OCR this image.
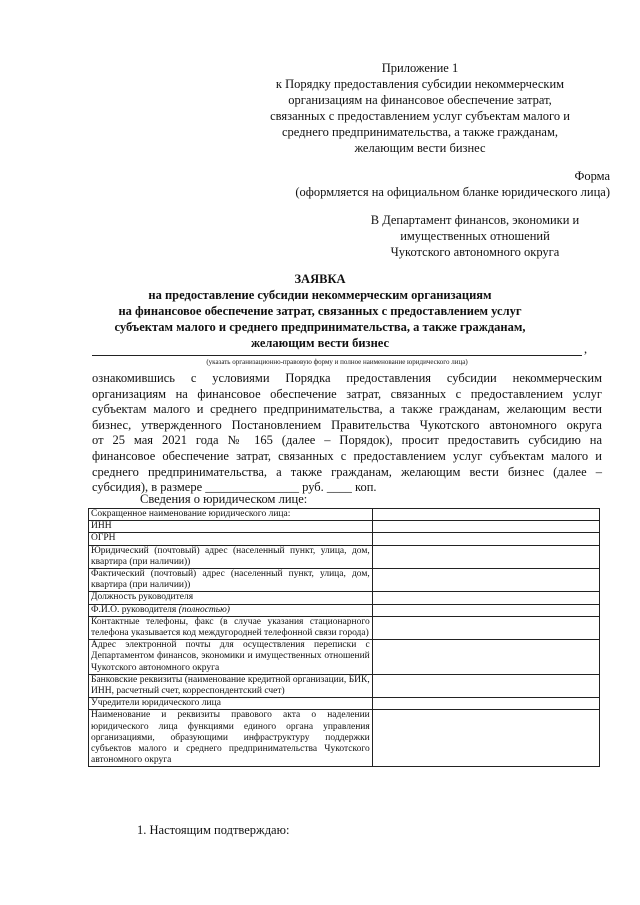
Приложение 1
к Порядку предоставления субсидии некоммерческим
организациям на финансовое обеспечение затрат,
связанных с предоставлением услуг субъектам малого и
среднего предпринимательства, а также гражданам,
желающим вести бизнес
Форма
(оформляется на официальном бланке юридического лица)
В Департамент финансов, экономики и
имущественных отношений
Чукотского автономного округа
ЗАЯВКА
на предоставление субсидии некоммерческим организациям
на финансовое обеспечение затрат, связанных с предоставлением услуг
субъектам малого и среднего предпринимательства, а также гражданам,
желающим вести бизнес	,
(указать организационно-правовую форму и полное наименование юридического лица)
ознакомившись с условиями Порядка предоставления субсидии некоммерческим
организациям на финансовое обеспечение затрат, связанных с предоставлением услуг
субъектам малого и среднего предпринимательства, а также гражданам, желающим вести
бизнес, утвержденного Постановлением Правительства Чукотского автономного округа
от 25 мая 2021 года № 165 (далее – Порядок), просит предоставить субсидию на
финансовое обеспечение затрат, связанных с предоставлением услуг субъектам малого и
среднего предпринимательства, а также гражданам, желающим вести бизнес (далее –
субсидия), в размере _______________ руб. ____ коп.
Сведения о юридическом лице:
Сокращенное наименование юридического лица:	
ИНН	
ОГРН	
Юридический (почтовый) адрес (населенный пункт, улица, дом, квартира (при наличии))	
Фактический (почтовый) адрес (населенный пункт, улица, дом, квартира (при наличии))	
Должность руководителя	
Ф.И.О. руководителя (полностью)	
Контактные телефоны, факс (в случае указания стационарного телефона указывается код междугородней телефонной связи города)	
Адрес электронной почты для осуществления переписки с Департаментом финансов, экономики и имущественных отношений Чукотского автономного округа	
Банковские реквизиты (наименование кредитной организации, БИК, ИНН, расчетный счет, корреспондентский счет)	
Учредители юридического лица	
Наименование и реквизиты правового акта о наделении юридического лица функциями единого органа управления организациями, образующими инфраструктуру поддержки субъектов малого и среднего предпринимательства Чукотского автономного округа	
1. Настоящим подтверждаю:
